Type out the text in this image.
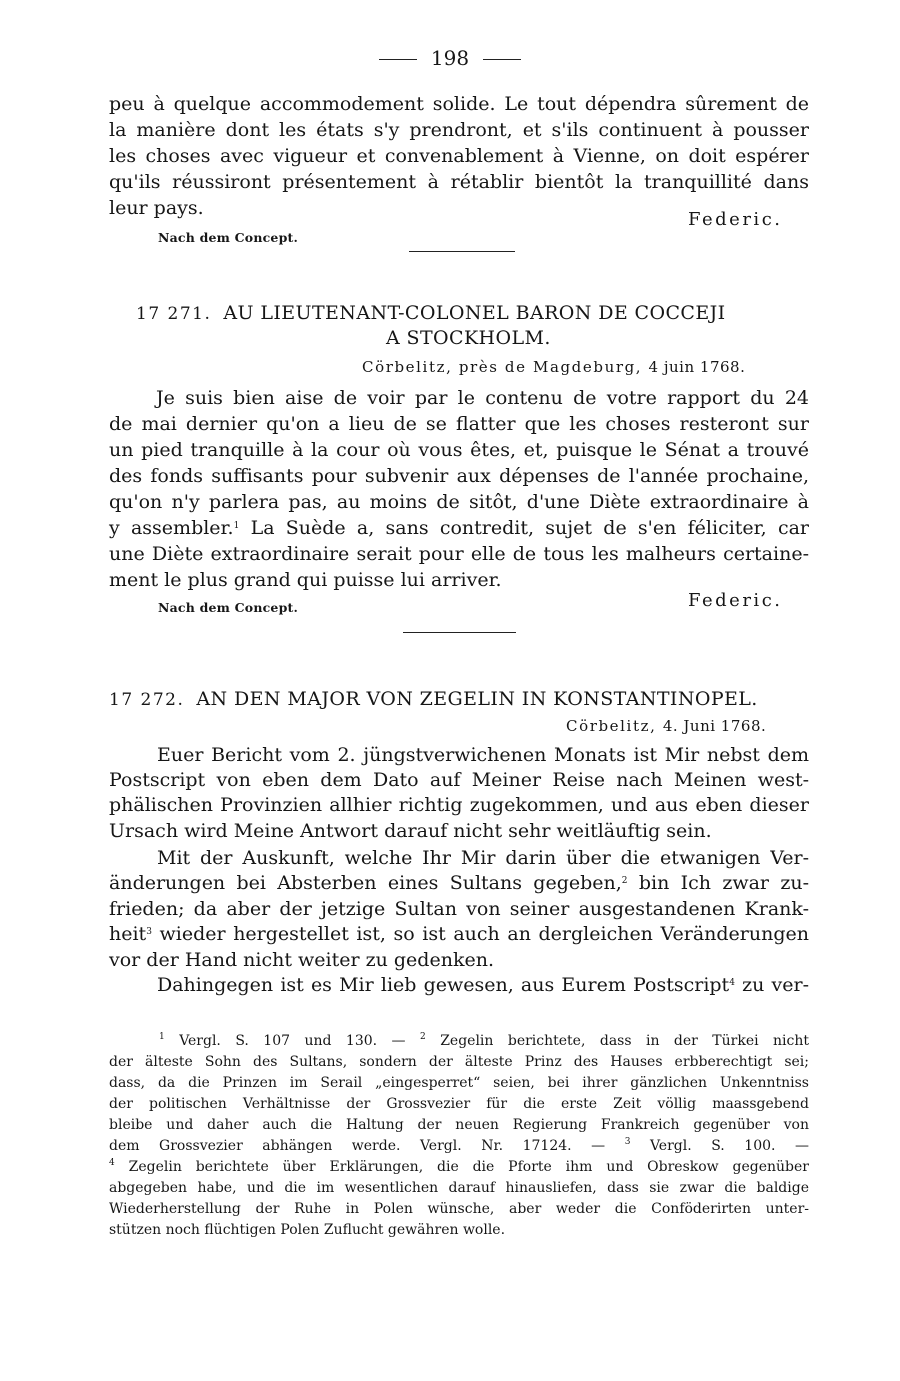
198
peu à quelque accommodement solide. Le tout dépendra sûrement de
la manière dont les états s'y prendront, et s'ils continuent à pousser
les choses avec vigueur et convenablement à Vienne, on doit espérer
qu'ils réussiront présentement à rétablir bientôt la tranquillité dans
leur pays.
Federic.
Nach dem Concept.
17 271. AU LIEUTENANT-COLONEL BARON DE COCCEJI
A STOCKHOLM.
Cörbelitz, près de Magdeburg, 4 juin 1768.
Je suis bien aise de voir par le contenu de votre rapport du 24
de mai dernier qu'on a lieu de se flatter que les choses resteront sur
un pied tranquille à la cour où vous êtes, et, puisque le Sénat a trouvé
des fonds suffisants pour subvenir aux dépenses de l'année prochaine,
qu'on n'y parlera pas, au moins de sitôt, d'une Diète extraordinaire à
y assembler.$^1$ La Suède a, sans contredit, sujet de s'en féliciter, car
une Diète extraordinaire serait pour elle de tous les malheurs certaine-
ment le plus grand qui puisse lui arriver.
Nach dem Concept.	Federic.
17 272. AN DEN MAJOR VON ZEGELIN IN KONSTANTINOPEL.
Cörbelitz, 4. Juni 1768.
Euer Bericht vom 2. jüngstverwichenen Monats ist Mir nebst dem
Postscript von eben dem Dato auf Meiner Reise nach Meinen west-
phälischen Provinzien allhier richtig zugekommen, und aus eben dieser
Ursach wird Meine Antwort darauf nicht sehr weitläuftig sein.
Mit der Auskunft, welche Ihr Mir darin über die etwanigen Ver-
änderungen bei Absterben eines Sultans gegeben,$^2$ bin Ich zwar zu-
frieden; da aber der jetzige Sultan von seiner ausgestandenen Krank-
heit$^3$ wieder hergestellet ist, so ist auch an dergleichen Veränderungen
vor der Hand nicht weiter zu gedenken.
Dahingegen ist es Mir lieb gewesen, aus Eurem Postscript$^4$ zu ver-
$^1$ Vergl. S. 107 und 130. — $^2$ Zegelin berichtete, dass in der Türkei nicht
der älteste Sohn des Sultans, sondern der älteste Prinz des Hauses erbberechtigt sei;
dass, da die Prinzen im Serail „eingesperret“ seien, bei ihrer gänzlichen Unkenntniss
der politischen Verhältnisse der Grossvezier für die erste Zeit völlig maassgebend
bleibe und daher auch die Haltung der neuen Regierung Frankreich gegenüber von
dem Grossvezier abhängen werde. Vergl. Nr. 17124. — $^3$ Vergl. S. 100. —
$^4$ Zegelin berichtete über Erklärungen, die die Pforte ihm und Obreskow gegenüber
abgegeben habe, und die im wesentlichen darauf hinausliefen, dass sie zwar die baldige
Wiederherstellung der Ruhe in Polen wünsche, aber weder die Conföderirten unter-
stützen noch flüchtigen Polen Zuflucht gewähren wolle.
